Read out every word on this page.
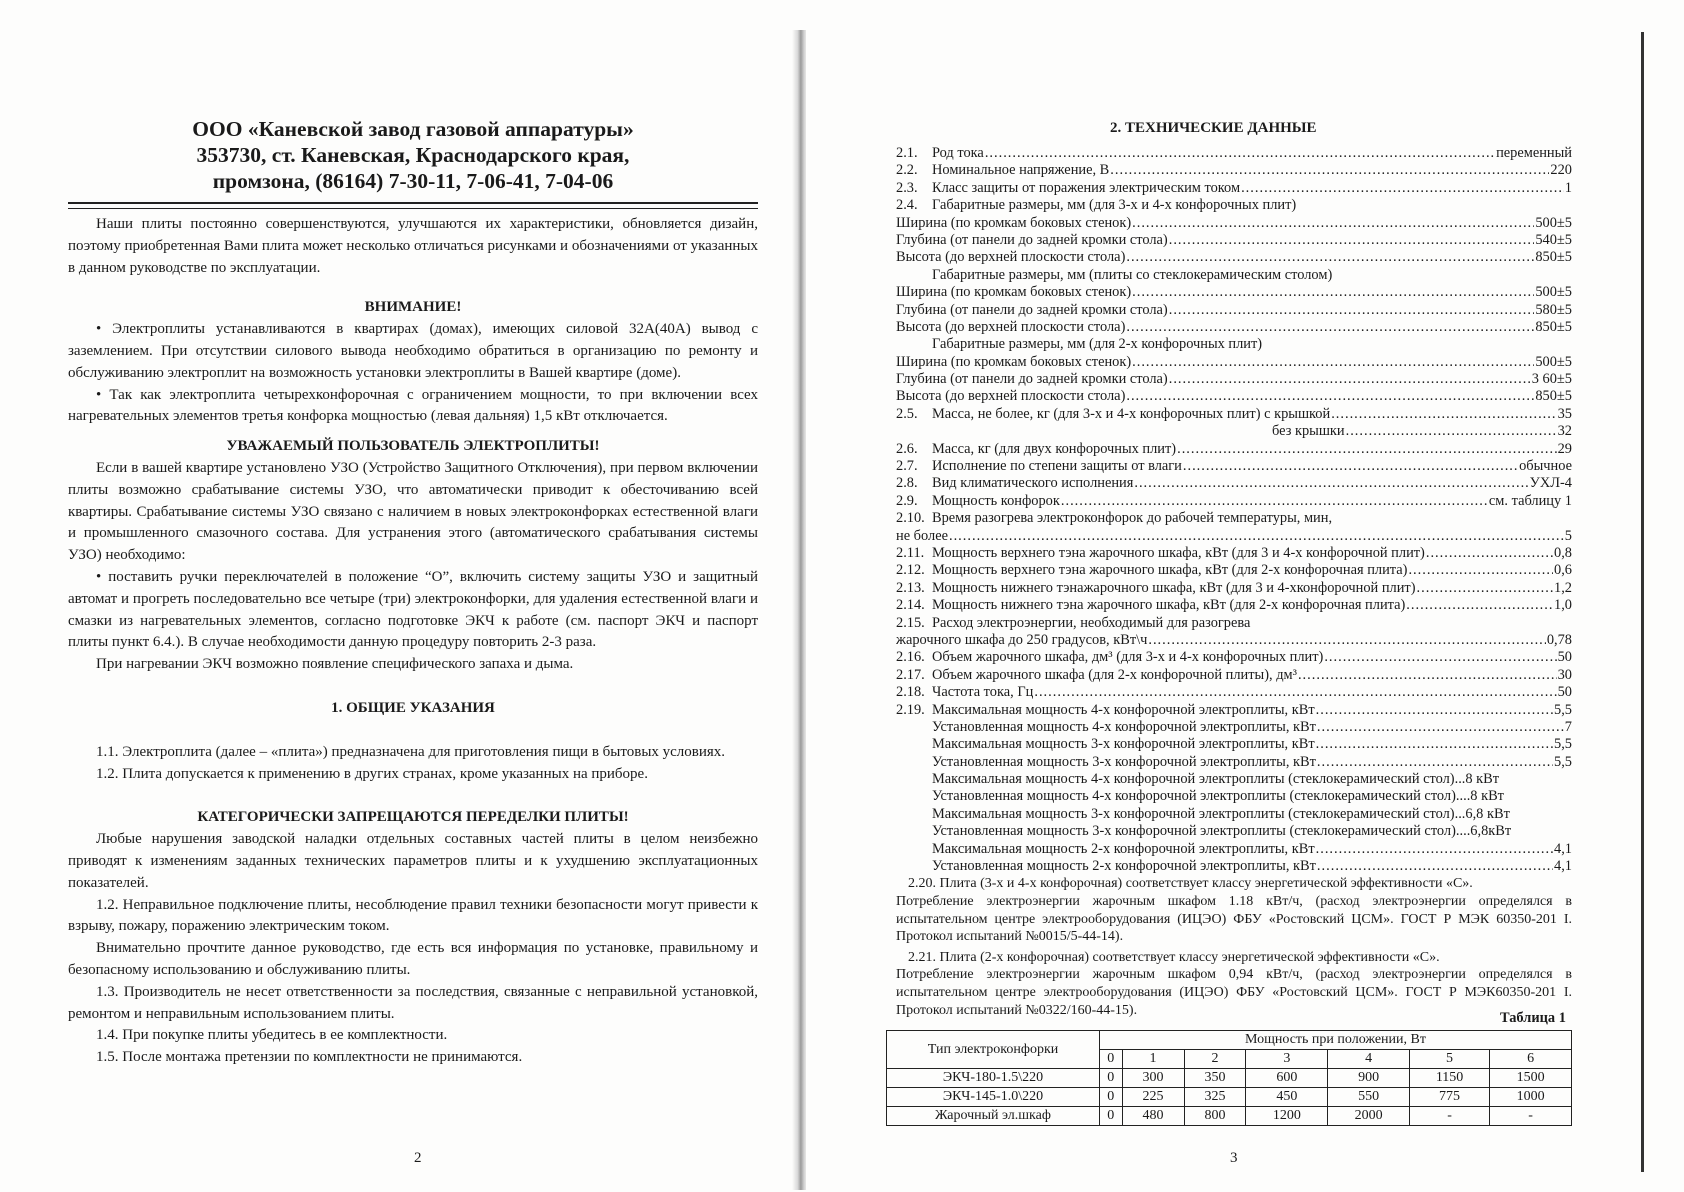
ООО «Каневской завод газовой аппаратуры»
353730, ст. Каневская, Краснодарского края,
промзона, (86164) 7-30-11, 7-06-41, 7-04-06

Наши плиты постоянно совершенствуются, улучшаются их характеристики, обновляется дизайн, поэтому приобретенная Вами плита может несколько отличаться рисунками и обозначениями от указанных в данном руководстве по эксплуатации.

ВНИМАНИЕ!

• Электроплиты устанавливаются в квартирах (домах), имеющих силовой 32А(40А) вывод с заземлением. При отсутствии силового вывода необходимо обратиться в организацию по ремонту и обслуживанию электроплит на возможность установки электроплиты в Вашей квартире (доме).

• Так как электроплита четырехконфорочная с ограничением мощности, то при включении всех нагревательных элементов третья конфорка мощностью (левая дальняя) 1,5 кВт отключается.

УВАЖАЕМЫЙ ПОЛЬЗОВАТЕЛЬ ЭЛЕКТРОПЛИТЫ!

Если в вашей квартире установлено УЗО (Устройство Защитного Отключения), при первом включении плиты возможно срабатывание системы УЗО, что автоматически приводит к обесточиванию всей квартиры. Срабатывание системы УЗО связано с наличием в новых электроконфорках естественной влаги и промышленного смазочного состава. Для устранения этого (автоматического срабатывания системы УЗО) необходимо:

• поставить ручки переключателей в положение “О”, включить систему защиты УЗО и защитный автомат и прогреть последовательно все четыре (три) электроконфорки, для удаления естественной влаги и смазки из нагревательных элементов, согласно подготовке ЭКЧ к работе (см. паспорт ЭКЧ и паспорт плиты пункт 6.4.). В случае необходимости данную процедуру повторить 2-3 раза.

При нагревании ЭКЧ возможно появление специфического запаха и дыма.

1. ОБЩИЕ УКАЗАНИЯ

1.1. Электроплита (далее – «плита») предназначена для приготовления пищи в бытовых условиях.

1.2. Плита допускается к применению в других странах, кроме указанных на приборе.

КАТЕГОРИЧЕСКИ ЗАПРЕЩАЮТСЯ ПЕРЕДЕЛКИ ПЛИТЫ!

Любые нарушения заводской наладки отдельных составных частей плиты в целом неизбежно приводят к изменениям заданных технических параметров плиты и к ухудшению эксплуатационных показателей.

1.2. Неправильное подключение плиты, несоблюдение правил техники безопасности могут привести к взрыву, пожару, поражению электрическим током.

Внимательно прочтите данное руководство, где есть вся информация по установке, правильному и безопасному использованию и обслуживанию плиты.

1.3. Производитель не несет ответственности за последствия, связанные с неправильной установкой, ремонтом и неправильным использованием плиты.

1.4. При покупке плиты убедитесь в ее комплектности.

1.5. После монтажа претензии по комплектности не принимаются.

2
2. ТЕХНИЧЕСКИЕ ДАННЫЕ
2.1.	Род тока .....	переменный
2.2.	Номинальное напряжение, В .....	220
2.3.	Класс защиты от поражения электрическим током .....	1
2.4.	Габаритные размеры, мм (для 3-х и 4-х конфорочных плит)
Ширина (по кромкам боковых стенок) .....	500±5
Глубина (от панели до задней кромки стола) .....	540±5
Высота (до верхней плоскости стола) .....	850±5
Габаритные размеры, мм (плиты со стеклокерамическим столом)
Ширина (по кромкам боковых стенок) .....	500±5
Глубина (от панели до задней кромки стола) .....	580±5
Высота (до верхней плоскости стола) .....	850±5
Габаритные размеры, мм (для 2-х конфорочных плит)
Ширина (по кромкам боковых стенок) .....	500±5
Глубина (от панели до задней кромки стола) .....	3 60±5
Высота (до верхней плоскости стола) .....	850±5
2.5.	Масса, не более, кг (для 3-х и 4-х конфорочных плит) с крышкой .....	35
без крышки .....	32
2.6.	Масса, кг (для двух конфорочных плит) .....	29
2.7.	Исполнение по степени защиты от влаги .....	обычное
2.8.	Вид климатического исполнения .....	УХЛ-4
2.9.	Мощность конфорок .....	см. таблицу 1
2.10. Время разогрева электроконфорок до рабочей температуры, мин,
не более .....	5
2.11. Мощность верхнего тэна жарочного шкафа, кВт (для 3 и 4-х конфорочной плит) .....	0,8
2.12. Мощность верхнего тэна жарочного шкафа, кВт (для 2-х конфорочная плита) .....	0,6
2.13. Мощность нижнего тэнажарочного шкафа, кВт (для 3 и 4-хконфорочной плит) .....	1,2
2.14. Мощность нижнего тэна жарочного шкафа, кВт (для 2-х конфорочная плита) .....	1,0
2.15. Расход электроэнергии, необходимый для разогрева
жарочного шкафа до 250 градусов, кВт\ч .....	0,78
2.16. Объем жарочного шкафа, дм³ (для 3-х и 4-х конфорочных плит) .....	50
2.17. Объем жарочного шкафа (для 2-х конфорочной плиты), дм³ .....	30
2.18. Частота тока, Гц .....	50
2.19. Максимальная мощность 4-х конфорочной электроплиты, кВт .....	5,5
Установленная мощность 4-х конфорочной электроплиты, кВт .....	7
Максимальная мощность 3-х конфорочной электроплиты, кВт .....	5,5
Установленная мощность 3-х конфорочной электроплиты, кВт .....	5,5
Максимальная мощность 4-х конфорочной электроплиты (стеклокерамический стол)...8 кВт
Установленная мощность 4-х конфорочной электроплиты (стеклокерамический стол)....8 кВт
Максимальная мощность 3-х конфорочной электроплиты (стеклокерамический стол)...6,8 кВт
Установленная мощность 3-х конфорочной электроплиты (стеклокерамический стол)....6,8кВт
Максимальная мощность 2-х конфорочной электроплиты, кВт .....	4,1
Установленная мощность 2-х конфорочной электроплиты, кВт .....	4,1

2.20. Плита (3-х и 4-х конфорочная) соответствует классу энергетической эффективности «С».

Потребление электроэнергии жарочным шкафом 1.18 кВт/ч, (расход электроэнергии определялся в испытательном центре электрооборудования (ИЦЭО) ФБУ «Ростовский ЦСМ». ГОСТ Р МЭК 60350-201 I. Протокол испытаний №0015/5-44-14).

2.21. Плита (2-х конфорочная) соответствует классу энергетической эффективности «С».

Потребление электроэнергии жарочным шкафом 0,94 кВт/ч, (расход электроэнергии определялся в испытательном центре электрооборудования (ИЦЭО) ФБУ «Ростовский ЦСМ». ГОСТ Р МЭК60350-201 I. Протокол испытаний №0322/160-44-15).	Таблица 1
Тип электроконфорки	Мощность при положении, Вт						
	0	1	2	3	4	5	6
ЭКЧ-180-1.5\220	0	300	350	600	900	1150	1500
ЭКЧ-145-1.0\220	0	225	325	450	550	775	1000
Жарочный эл.шкаф	0	480	800	1200	2000	-	-
3
